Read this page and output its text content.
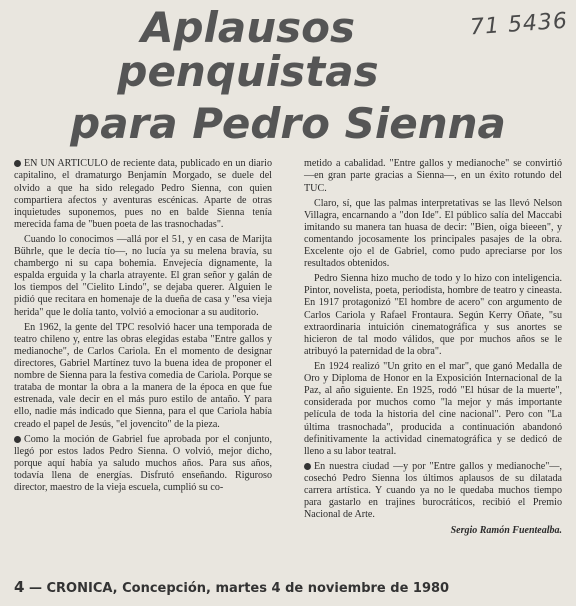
71 5436
Aplausos penquistas
para Pedro Sienna

EN UN ARTICULO de reciente data, publicado en un diario capitalino, el dramaturgo Benjamín Morgado, se duele del olvido a que ha sido relegado Pedro Sienna, con quien compartiera afectos y aventuras escénicas. Aparte de otras inquietudes suponemos, pues no en balde Sienna tenía merecida fama de "buen poeta de las trasnochadas".

Cuando lo conocimos —allá por el 51, y en casa de Marijta Bührle, que le decía tío—, no lucía ya su melena bravía, su chambergo ni su capa bohemia. Envejecía dignamente, la espalda erguida y la charla atrayente. El gran señor y galán de los tiempos del "Cielito Lindo", se dejaba querer. Alguien le pidió que recitara en homenaje de la dueña de casa y "esa vieja herida" que le dolía tanto, volvió a emocionar a su auditorio.

En 1962, la gente del TPC resolvió hacer una temporada de teatro chileno y, entre las obras elegidas estaba "Entre gallos y medianoche", de Carlos Cariola. En el momento de designar directores, Gabriel Martínez tuvo la buena idea de proponer el nombre de Sienna para la festiva comedia de Cariola. Porque se trataba de montar la obra a la manera de la época en que fue estrenada, vale decir en el más puro estilo de antaño. Y para ello, nadie más indicado que Sienna, para el que Cariola había creado el papel de Jesús, "el jovencito" de la pieza.

Como la moción de Gabriel fue aprobada por el conjunto, llegó por estos lados Pedro Sienna. O volvió, mejor dicho, porque aquí había ya saludo muchos años. Para sus años, todavía llena de energías. Disfrutó enseñando. Riguroso director, maestro de la vieja escuela, cumplió su co-

metido a cabalidad. "Entre gallos y medianoche" se convirtió —en gran parte gracias a Sienna—, en un éxito rotundo del TUC.

Claro, sí, que las palmas interpretativas se las llevó Nelson Villagra, encarnando a "don Ide". El público salía del Maccabi imitando su manera tan huasa de decir: "Bien, oiga bieeen", y comentando jocosamente los principales pasajes de la obra. Excelente ojo el de Gabriel, como pudo apreciarse por los resultados obtenidos.

Pedro Sienna hizo mucho de todo y lo hizo con inteligencia. Pintor, novelista, poeta, periodista, hombre de teatro y cineasta. En 1917 protagonizó "El hombre de acero" con argumento de Carlos Cariola y Rafael Frontaura. Según Kerry Oñate, "su extraordinaria intuición cinematográfica y sus anortes se hicieron de tal modo válidos, que por muchos años se le atribuyó la paternidad de la obra".

En 1924 realizó "Un grito en el mar", que ganó Medalla de Oro y Diploma de Honor en la Exposición Internacional de la Paz, al año siguiente. En 1925, rodó "El húsar de la muerte", considerada por muchos como "la mejor y más importante película de toda la historia del cine nacional". Pero con "La última trasnochada", producida a continuación abandonó definitivamente la actividad cinematográfica y se dedicó de lleno a su labor teatral.

En nuestra ciudad —y por "Entre gallos y medianoche"—, cosechó Pedro Sienna los últimos aplausos de su dilatada carrera artística. Y cuando ya no le quedaba muchos tiempo para gastarlo en trajines burocráticos, recibió el Premio Nacional de Arte.

Sergio Ramón Fuentealba.
4 — CRONICA, Concepción, martes 4 de noviembre de 1980
